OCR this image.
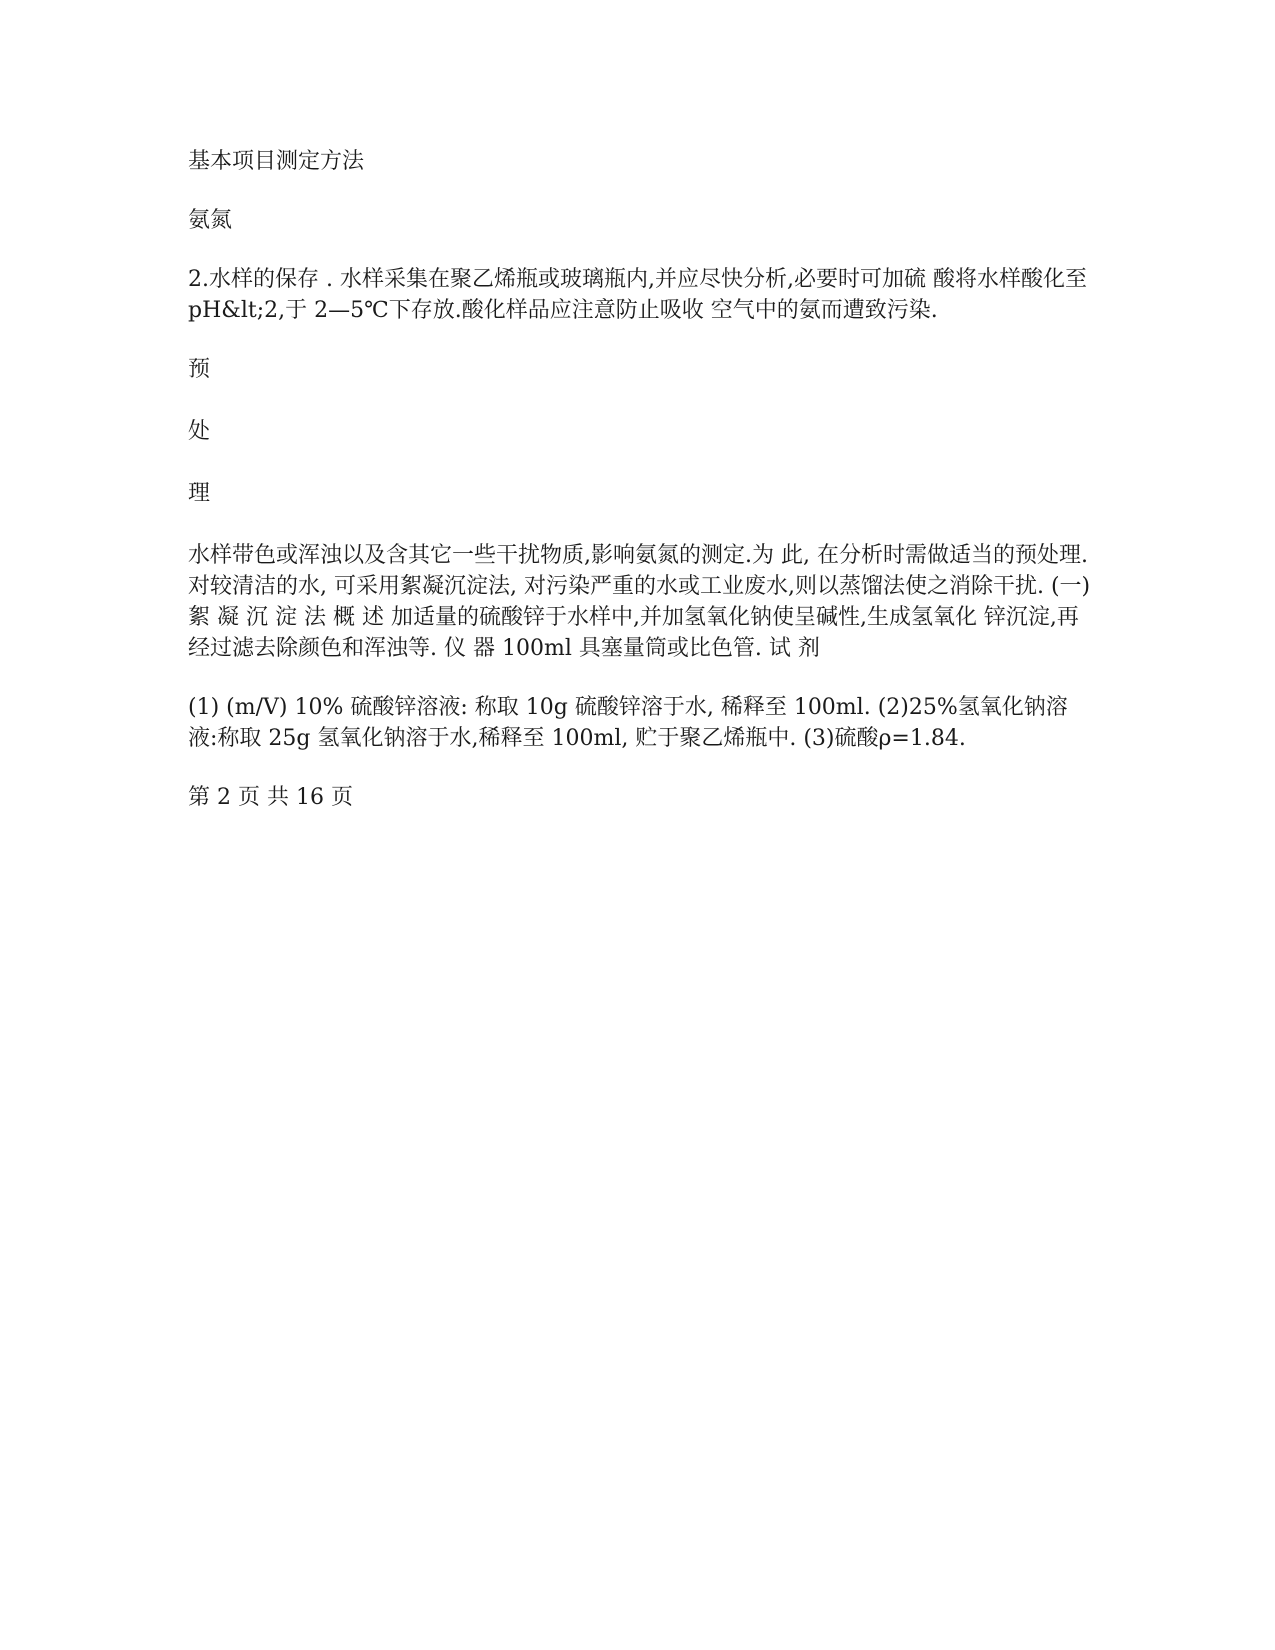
基本项目测定方法

氨氮

2.水样的保存 . 水样采集在聚乙烯瓶或玻璃瓶内,并应尽快分析,必要时可加硫 酸将水样酸化至 pH&lt;2,于 2—5℃下存放.酸化样品应注意防止吸收 空气中的氨而遭致污染.

预

处

理

水样带色或浑浊以及含其它一些干扰物质,影响氨氮的测定.为 此, 在分析时需做适当的预处理. 对较清洁的水, 可采用絮凝沉淀法, 对污染严重的水或工业废水,则以蒸馏法使之消除干扰. (一)絮 凝 沉 淀 法 概 述 加适量的硫酸锌于水样中,并加氢氧化钠使呈碱性,生成氢氧化 锌沉淀,再经过滤去除颜色和浑浊等. 仪 器 100ml 具塞量筒或比色管. 试 剂

(1) (m/V) 10% 硫酸锌溶液: 称取 10g 硫酸锌溶于水, 稀释至 100ml. (2)25%氢氧化钠溶液:称取 25g 氢氧化钠溶于水,稀释至 100ml, 贮于聚乙烯瓶中. (3)硫酸ρ=1.84.

第 2 页 共 16 页
